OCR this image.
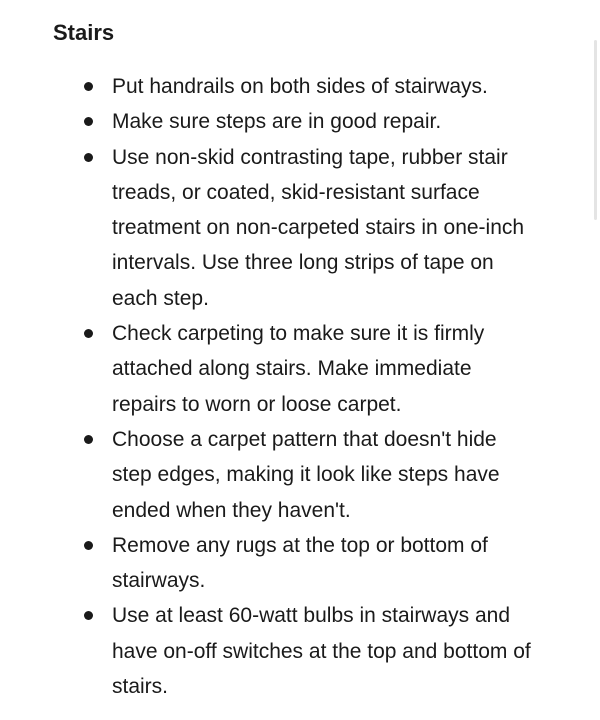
Stairs
Put handrails on both sides of stairways.
Make sure steps are in good repair.
Use non-skid contrasting tape, rubber stair treads, or coated, skid-resistant surface treatment on non-carpeted stairs in one-inch intervals. Use three long strips of tape on each step.
Check carpeting to make sure it is firmly attached along stairs. Make immediate repairs to worn or loose carpet.
Choose a carpet pattern that doesn't hide step edges, making it look like steps have ended when they haven't.
Remove any rugs at the top or bottom of stairways.
Use at least 60-watt bulbs in stairways and have on-off switches at the top and bottom of stairs.
